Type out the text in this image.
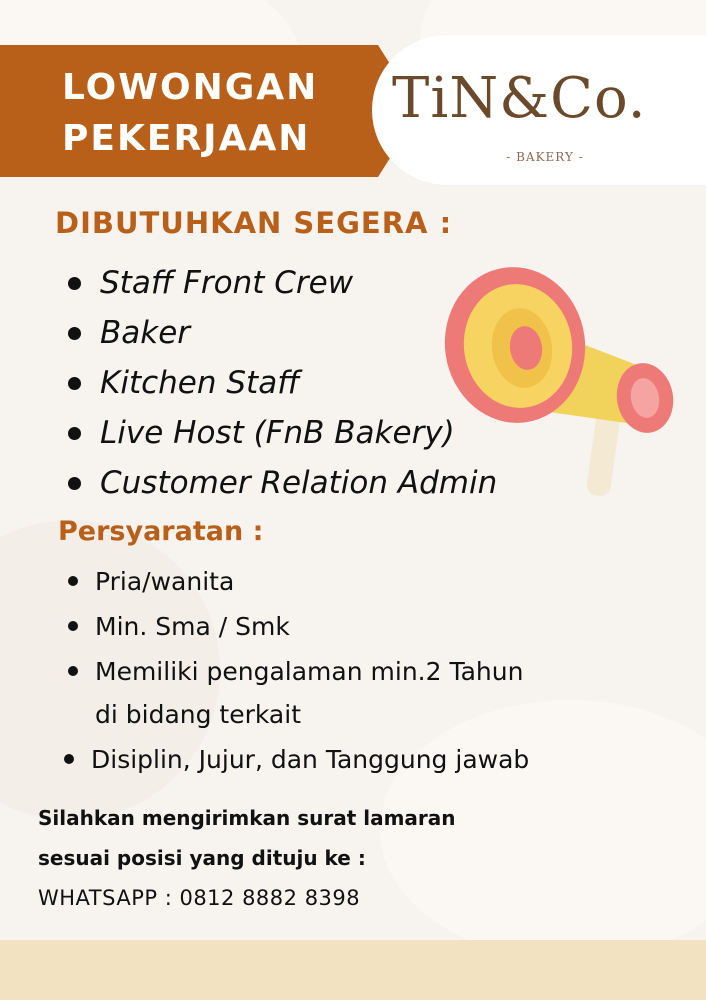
LOWONGAN
PEKERJAAN
TiN&Co.
- BAKERY -
DIBUTUHKAN SEGERA :
Staff Front Crew
Baker
Kitchen Staff
Live Host (FnB Bakery)
Customer Relation Admin
Persyaratan :
Pria/wanita
Min. Sma / Smk
Memiliki pengalaman min.2 Tahun
di bidang terkait
Disiplin, Jujur, dan Tanggung jawab
Silahkan mengirimkan surat lamaran
sesuai posisi yang dituju ke :
WHATSAPP : 0812 8882 8398
